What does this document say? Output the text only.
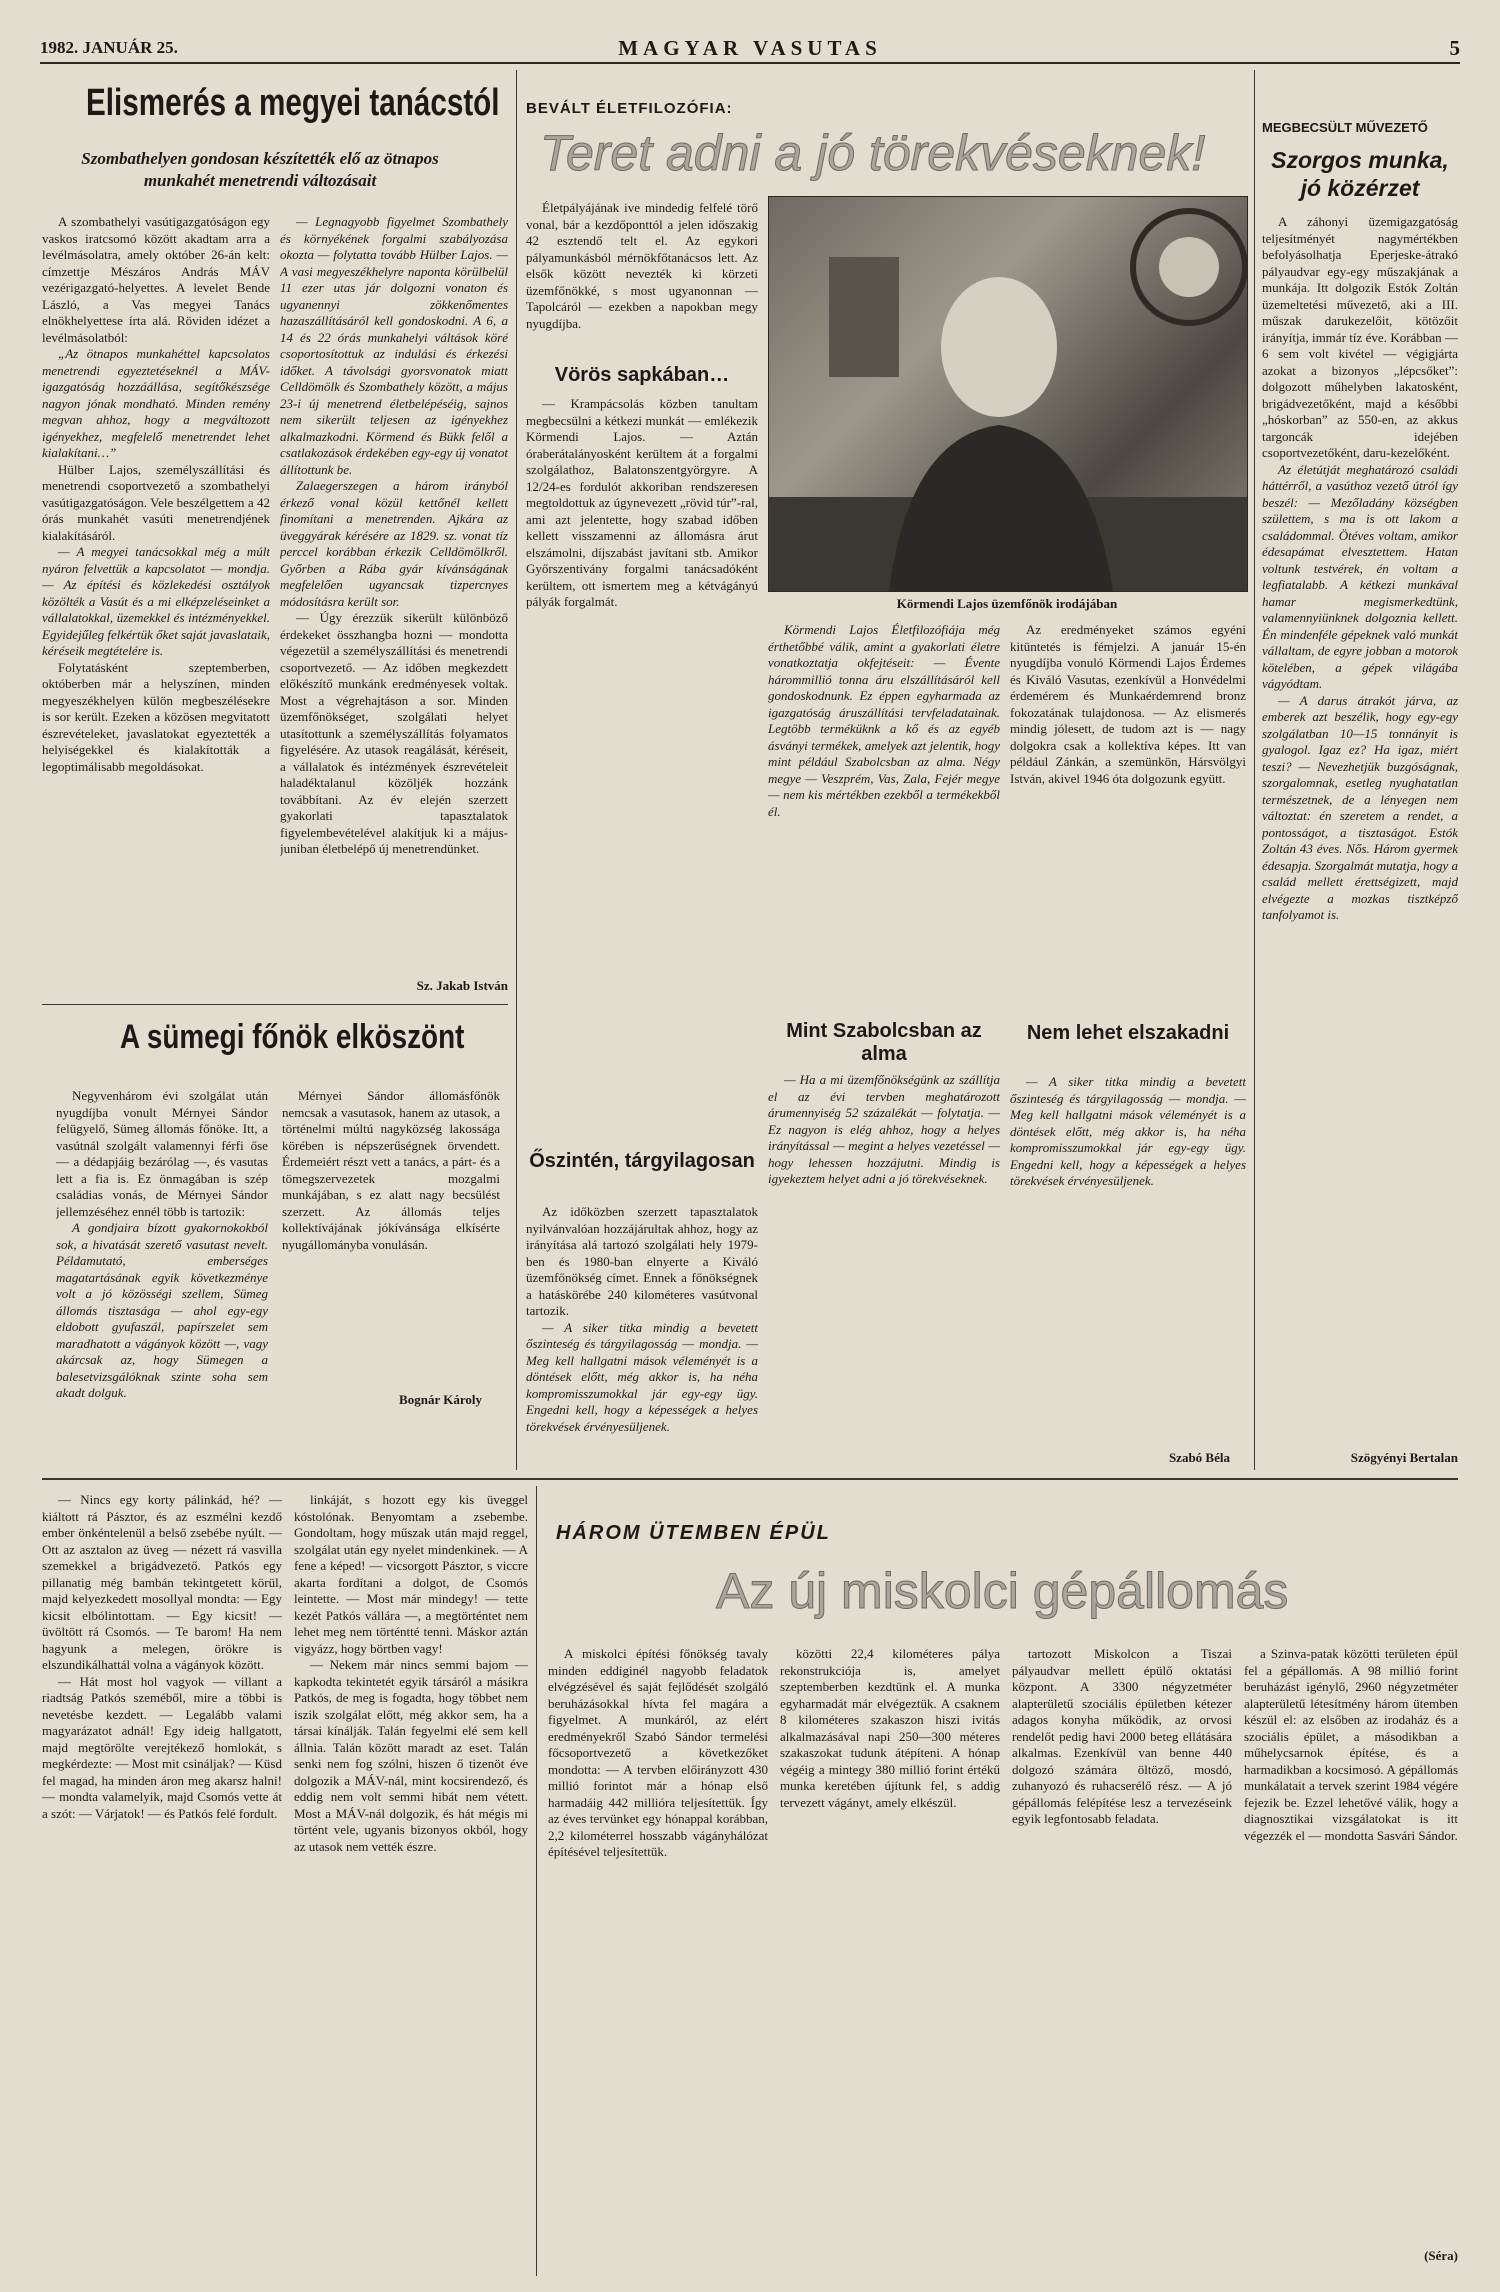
1982. JANUÁR 25.	MAGYAR VASUTAS	5
Elismerés a megyei tanácstól
Szombathelyen gondosan készítették elő az ötnapos munkahét menetrendi változásait

A szombathelyi vasútigazgatóságon egy vaskos iratcsomó között akadtam arra a levélmásolatra, amely október 26-án kelt: címzettje Mészáros András MÁV vezérigazgató-helyettes. A levelet Bende László, a Vas megyei Tanács elnökhelyettese írta alá. Röviden idézet a levélmásolatból:

„Az ötnapos munkahéttel kapcsolatos menetrendi egyeztetéseknél a MÁV-igazgatóság hozzáállása, segítőkészsége nagyon jónak mondható. Minden remény megvan ahhoz, hogy a megváltozott igényekhez, megfelelő menetrendet lehet kialakítani…”

Hülber Lajos, személyszállítási és menetrendi csoportvezető a szombathelyi vasútigazgatóságon. Vele beszélgettem a 42 órás munkahét vasúti menetrendjének kialakításáról.

— A megyei tanácsokkal még a múlt nyáron felvettük a kapcsolatot — mondja. — Az építési és közlekedési osztályok közölték a Vasút és a mi elképzeléseinket a vállalatokkal, üzemekkel és intézményekkel. Egyidejűleg felkértük őket saját javaslataik, kéréseik megtételére is.

Folytatásként szeptemberben, októberben már a helyszínen, minden megyeszékhelyen külön megbeszélésekre is sor került. Ezeken a közösen megvitatott észrevételeket, javaslatokat egyeztették a helyiségekkel és kialakították a legoptimálisabb megoldásokat.

— Legnagyobb figyelmet Szombathely és környékének forgalmi szabályozása okozta — folytatta tovább Hülber Lajos. — A vasi megyeszékhelyre naponta körülbelül 11 ezer utas jár dolgozni vonaton és ugyanennyi zökkenőmentes hazaszállításáról kell gondoskodni. A 6, a 14 és 22 órás munkahelyi váltások köré csoportosítottuk az indulási és érkezési időket. A távolsági gyorsvonatok miatt Celldömölk és Szombathely között, a május 23-i új menetrend életbelépéséig, sajnos nem sikerült teljesen az igényekhez alkalmazkodni. Körmend és Bükk felől a csatlakozások érdekében egy-egy új vonatot állítottunk be.

Zalaegerszegen a három irányból érkező vonal közül kettőnél kellett finomítani a menetrenden. Ajkára az üveggyárak kérésére az 1829. sz. vonat tíz perccel korábban érkezik Celldömölkről. Győrben a Rába gyár kívánságának megfelelően ugyancsak tizpercnyes módosításra került sor.

— Úgy érezzük sikerült különböző érdekeket összhangba hozni — mondotta végezetül a személyszállítási és menetrendi csoportvezető. — Az időben megkezdett előkészítő munkánk eredményesek voltak. Most a végrehajtáson a sor. Minden üzemfőnökséget, szolgálati helyet utasítottunk a személyszállítás folyamatos figyelésére. Az utasok reagálását, kéréseit, a vállalatok és intézmények észrevételeit haladéktalanul közöljék hozzánk továbbítani. Az év elején szerzett gyakorlati tapasztalatok figyelembevételével alakítjuk ki a május-juniban életbelépő új menetrendünket.

Sz. Jakab István
A sümegi főnök elköszönt

Negyvenhárom évi szolgálat után nyugdíjba vonult Mérnyei Sándor felügyelő, Sümeg állomás főnöke. Itt, a vasútnál szolgált valamennyi férfi őse — a dédapjáig bezárólag —, és vasutas lett a fia is. Ez önmagában is szép családias vonás, de Mérnyei Sándor jellemzéséhez ennél több is tartozik:

A gondjaira bízott gyakornokokból sok, a hivatását szerető vasutast nevelt. Példamutató, emberséges magatartásának egyik következménye volt a jó közösségi szellem, Sümeg állomás tisztasága — ahol egy-egy eldobott gyufaszál, papírszelet sem maradhatott a vágányok között —, vagy akárcsak az, hogy Sümegen a balesetvizsgálóknak szinte soha sem akadt dolguk.

Mérnyei Sándor állomásfőnök nemcsak a vasutasok, hanem az utasok, a történelmi múltú nagyközség lakossága körében is népszerűségnek örvendett. Érdemeiért részt vett a tanács, a párt- és a tömegszervezetek mozgalmi munkájában, s ez alatt nagy becsülést szerzett. Az állomás teljes kollektívájának jókívánsága elkísérte nyugállományba vonulásán.

Bognár Károly
BEVÁLT ÉLETFILOZÓFIA:
Teret adni a jó törekvéseknek!

Életpályájának ive mindedig felfelé törő vonal, bár a kezdőponttól a jelen időszakig 42 esztendő telt el. Az egykori pályamunkásból mérnökfőtanácsos lett. Az elsők között nevezték ki körzeti üzemfőnökké, s most ugyanonnan — Tapolcáról — ezekben a napokban megy nyugdíjba.

Vörös sapkában…
Körmendi Lajos üzemfőnök irodájában

— Krampácsolás közben tanultam megbecsülni a kétkezi munkát — emlékezik Körmendi Lajos. — Aztán óraberátalányosként kerültem át a forgalmi szolgálathoz, Balatonszentgyörgyre. A 12/24-es fordulót akkoriban rendszeresen megtoldottuk az úgynevezett „rövid túr”-ral, ami azt jelentette, hogy szabad időben kellett visszamenni az állomásra árut elszámolni, díjszabást javítani stb. Amikor Győrszentivány forgalmi tanácsadóként kerültem, ott ismertem meg a kétvágányú pályák forgalmát.

Őszintén, tárgyilagosan

Az időközben szerzett tapasztalatok nyilvánvalóan hozzájárultak ahhoz, hogy az irányítása alá tartozó szolgálati hely 1979-ben és 1980-ban elnyerte a Kiváló üzemfőnökség címet. Ennek a főnökségnek a hatáskörébe 240 kilométeres vasútvonal tartozik.

— A siker titka mindig a bevetett őszinteség és tárgyilagosság — mondja. — Meg kell hallgatni mások véleményét is a döntések előtt, még akkor is, ha néha kompromisszumokkal jár egy-egy ügy. Engedni kell, hogy a képességek a helyes törekvések érvényesüljenek.

Körmendi Lajos Életfilozófiája még érthetőbbé válik, amint a gyakorlati életre vonatkoztatja okfejtéseit: — Évente hárommillió tonna áru elszállításáról kell gondoskodnunk. Ez éppen egyharmada az igazgatóság áruszállítási tervfeladatainak. Legtöbb terméküknk a kő és az egyéb ásványi termékek, amelyek azt jelentik, hogy mint például Szabolcsban az alma. Négy megye — Veszprém, Vas, Zala, Fejér megye — nem kis mértékben ezekből a termékekből él.

Mint Szabolcsban az alma

— Ha a mi üzemfőnökségünk az szállítja el az évi tervben meghatározott árumennyiség 52 százalékát — folytatja. — Ez nagyon is elég ahhoz, hogy a helyes irányítással — megint a helyes vezetéssel — hogy lehessen hozzájutni. Mindig is igyekeztem helyet adni a jó törekvéseknek.

Nem lehet elszakadni

Az eredményeket számos egyéni kitüntetés is fémjelzi. A január 15-én nyugdíjba vonuló Körmendi Lajos Érdemes és Kiváló Vasutas, ezenkívül a Honvédelmi érdemérem és Munkaérdemrend bronz fokozatának tulajdonosa. — Az elismerés mindig jólesett, de tudom azt is — nagy dolgokra csak a kollektíva képes. Itt van például Zánkán, a szemünkön, Hársvölgyi István, akivel 1946 óta dolgozunk együtt.

— A siker titka mindig a bevetett őszinteség és tárgyilagosság — mondja. — Meg kell hallgatni mások véleményét is a döntések előtt, még akkor is, ha néha kompromisszumokkal jár egy-egy ügy. Engedni kell, hogy a képességek a helyes törekvések érvényesüljenek.

Szabó Béla
MEGBECSÜLT MŰVEZETŐ
Szorgos munka, jó közérzet

A záhonyi üzemigazgatóság teljesítményét nagymértékben befolyásolhatja Eperjeske-átrakó pályaudvar egy-egy műszakjának a munkája. Itt dolgozik Estók Zoltán üzemeltetési művezető, aki a III. műszak darukezelőit, kötözőit irányítja, immár tíz éve. Korábban — 6 sem volt kivétel — végigjárta azokat a bizonyos „lépcsőket”: dolgozott műhelyben lakatosként, brigádvezetőként, majd a későbbi „hóskorban” az 550-en, az akkus targoncák idejében csoportvezetőként, daru-kezelőként.

Az életútját meghatározó családi háttérről, a vasúthoz vezető útról így beszél: — Mezőladány községben születtem, s ma is ott lakom a családommal. Ötéves voltam, amikor édesapámat elvesztettem. Hatan voltunk testvérek, én voltam a legfiatalabb. A kétkezi munkával hamar megismerkedtünk, valamennyiünknek dolgoznia kellett. Én mindenféle gépeknek való munkát vállaltam, de egyre jobban a motorok kötelében, a gépek világába vágyódtam.

— A darus átrakót járva, az emberek azt beszélik, hogy egy-egy szolgálatban 10—15 tonnányit is gyalogol. Igaz ez? Ha igaz, miért teszi? — Nevezhetjük buzgóságnak, szorgalomnak, esetleg nyughatatlan természetnek, de a lényegen nem változtat: én szeretem a rendet, a pontosságot, a tisztaságot. Estók Zoltán 43 éves. Nős. Három gyermek édesapja. Szorgalmát mutatja, hogy a család mellett érettségizett, majd elvégezte a mozkas tisztképző tanfolyamot is.

Szögyényi Bertalan

— Nincs egy korty pálinkád, hé? — kiáltott rá Pásztor, és az eszmélni kezdő ember önkéntelenül a belső zsebébe nyúlt. — Ott az asztalon az üveg — nézett rá vasvilla szemekkel a brigádvezető. Patkós egy pillanatig még bambán tekintgetett körül, majd kelyezkedett mosollyal mondta: — Egy kicsit elbólintottam. — Egy kicsit! — üvöltött rá Csomós. — Te barom! Ha nem hagyunk a melegen, örökre is elszundikálhattál volna a vágányok között.

— Hát most hol vagyok — villant a riadtság Patkós szeméből, mire a többi is nevetésbe kezdett. — Legalább valami magyarázatot adnál! Egy ideig hallgatott, majd megtörölte verejtékező homlokát, s megkérdezte: — Most mit csináljak? — Küsd fel magad, ha minden áron meg akarsz halni! — mondta valamelyik, majd Csomós vette át a szót: — Várjatok! — és Patkós felé fordult.

linkáját, s hozott egy kis üveggel kóstolónak. Benyomtam a zsebembe. Gondoltam, hogy műszak után majd reggel, szolgálat után egy nyelet mindenkinek. — A fene a képed! — vicsorgott Pásztor, s viccre akarta fordítani a dolgot, de Csomós leintette. — Most már mindegy! — tette kezét Patkós vállára —, a megtörténtet nem lehet meg nem történtté tenni. Máskor aztán vigyázz, hogy börtben vagy!

— Nekem már nincs semmi bajom — kapkodta tekintetét egyik társáról a másikra Patkós, de meg is fogadta, hogy többet nem iszik szolgálat előtt, még akkor sem, ha a társai kínálják. Talán fegyelmi elé sem kell állnia. Talán között maradt az eset. Talán senki nem fog szólni, hiszen ő tizenöt éve dolgozik a MÁV-nál, mint kocsirendező, és eddig nem volt semmi hibát nem vétett. Most a MÁV-nál dolgozik, és hát mégis mi történt vele, ugyanis bizonyos okból, hogy az utasok nem vették észre.

HÁROM ÜTEMBEN ÉPÜL
Az új miskolci gépállomás

A miskolci építési főnökség tavaly minden eddiginél nagyobb feladatok elvégzésével és saját fejlődését szolgáló beruházásokkal hívta fel magára a figyelmet. A munkáról, az elért eredményekről Szabó Sándor termelési főcsoportvezető a következőket mondotta: — A tervben előirányzott 430 millió forintot már a hónap első harmadáig 442 millióra teljesítettük. Így az éves tervünket egy hónappal korábban, 2,2 kilométerrel hosszabb vágányhálózat építésével teljesítettük.

közötti 22,4 kilométeres pálya rekonstrukciója is, amelyet szeptemberben kezdtünk el. A munka egyharmadát már elvégeztük. A csaknem 8 kilométeres szakaszon hiszi ivitás alkalmazásával napi 250—300 méteres szakaszokat tudunk átépíteni. A hónap végéig a mintegy 380 millió forint értékű munka keretében újítunk fel, s addig tervezett vágányt, amely elkészül.

tartozott Miskolcon a Tiszai pályaudvar mellett épülő oktatási központ. A 3300 négyzetméter alapterületű szociális épületben kétezer adagos konyha működik, az orvosi rendelőt pedig havi 2000 beteg ellátására alkalmas. Ezenkívül van benne 440 dolgozó számára öltöző, mosdó, zuhanyozó és ruhacserélő rész. — A jó gépállomás felépítése lesz a tervezéseink egyik legfontosabb feladata.

a Szinva-patak közötti területen épül fel a gépállomás. A 98 millió forint beruházást igénylő, 2960 négyzetméter alapterületű létesítmény három ütemben készül el: az elsőben az irodaház és a szociális épület, a másodikban a műhelycsarnok építése, és a harmadikban a kocsimosó. A gépállomás munkálatait a tervek szerint 1984 végére fejezik be. Ezzel lehetővé válik, hogy a diagnosztikai vizsgálatokat is itt végezzék el — mondotta Sasvári Sándor.

(Séra)
